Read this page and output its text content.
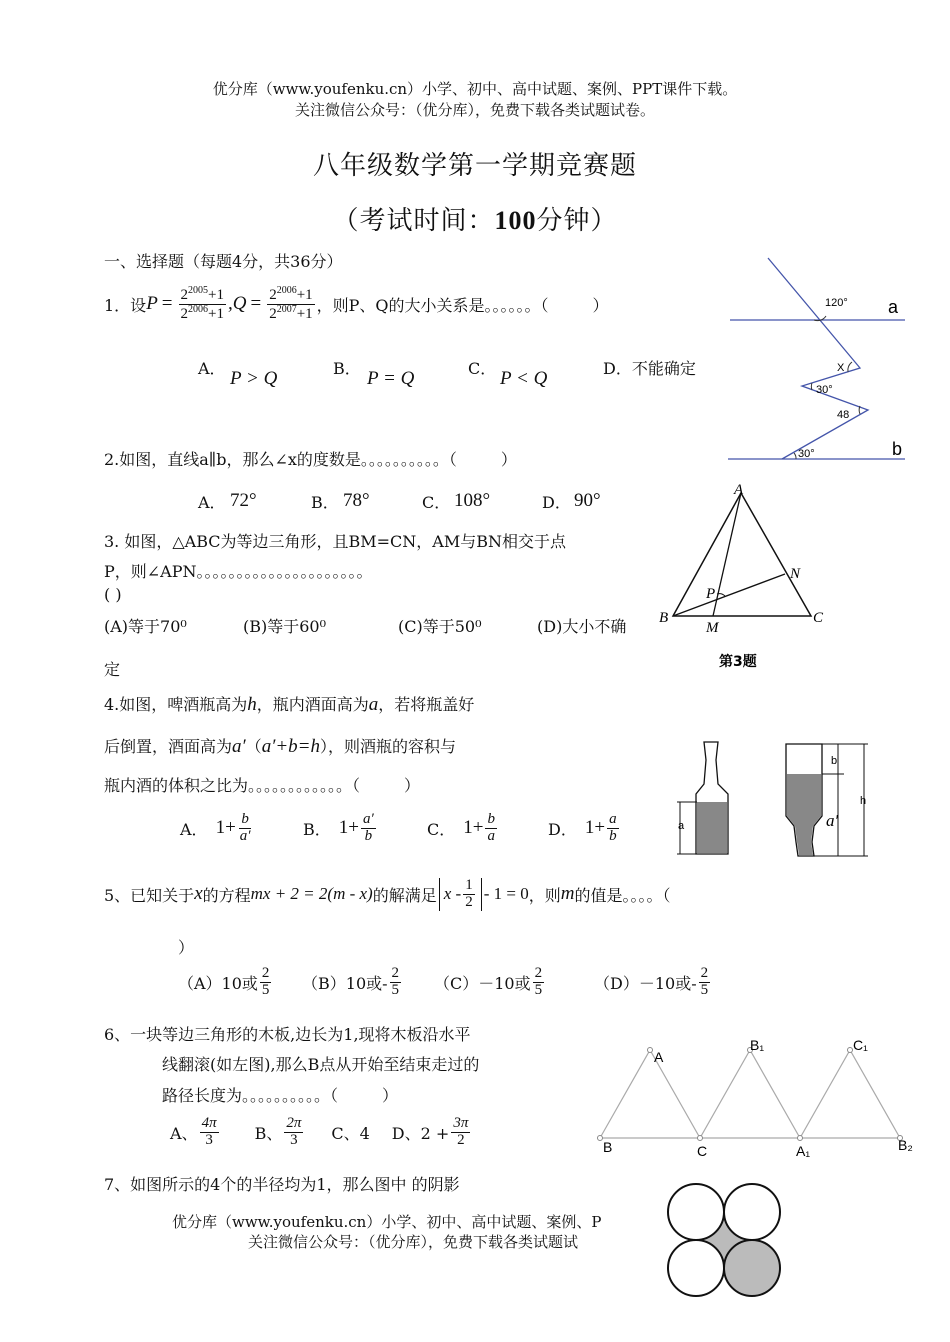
优分库（www.youfenku.cn）小学、初中、高中试题、案例、PPT课件下载。
关注微信公众号：（优分库），免费下载各类试题试卷。
八年级数学第一学期竞赛题
（考试时间：100分钟）
一、选择题（每题4分，共36分）
1．设 $P = \frac{2^{2005}+1}{2^{2006}+1} ,Q = \frac{2^{2006}+1}{2^{2007}+1}$ ，则P、Q的大小关系是。。。。。。（	）
A． P > Q	B． P = Q	C． P < Q	D．不能确定
2.如图，直线a∥b，那么∠x的度数是。。。。。。。。。。（	）
A． 72°	B． 78°	C． 108°	D． 90°
120° a
X
30°
48
30°	b
3. 如图，△ABC为等边三角形，且BM=CN，AM与BN相交于点
P，则∠APN。。。。。。。。。。。。。。。。。。。。。
( )
(A)等于70⁰	(B)等于60⁰	(C)等于50⁰	(D)大小不确
定
A
B	C
M
N
P
第3题
4.如图，啤酒瓶高为h，瓶内酒面高为a，若将瓶盖好
后倒置，酒面高为a′（a′+b=h），则酒瓶的容积与
瓶内酒的体积之比为。。。。。。。。。。。。（	）
A． $1+ \frac{b}{a'}$	B． $1+ \frac{a'}{b}$	C． $1+ \frac{b}{a}$	D． $1+ \frac{a}{b}$	a
b
h
a′
5、已知关于 x 的方程 mx + 2 = 2(m - x) 的解满足 $x - \frac{1}{2} - 1 = 0$ ，则 m 的值是。。。。（
）
（A）10或 $\frac{2}{5} (B)10$或- $\frac{2}{5} (C)-10$或 $\frac{2}{5}$	（D）－10或- $\frac{2}{5}$
6、一块等边三角形的木板,边长为1,现将木板沿水平
线翻滚(如左图),那么B点从开始至结束走过的
路径长度为。。。。。。。。。。（	）
A、 $\frac{4\pi}{3}$ B、 $\frac{2\pi}{3}$ C、4 D、$2 + \frac{3\pi}{2}$
A
B	C	A₁
B₁	C₁
B₂
7、如图所示的4个的半径均为1，那么图中 的阴影
优分库（www.youfenku.cn）小学、初中、高中试题、案例、P
关注微信公众号：（优分库），免费下载各类试题试
